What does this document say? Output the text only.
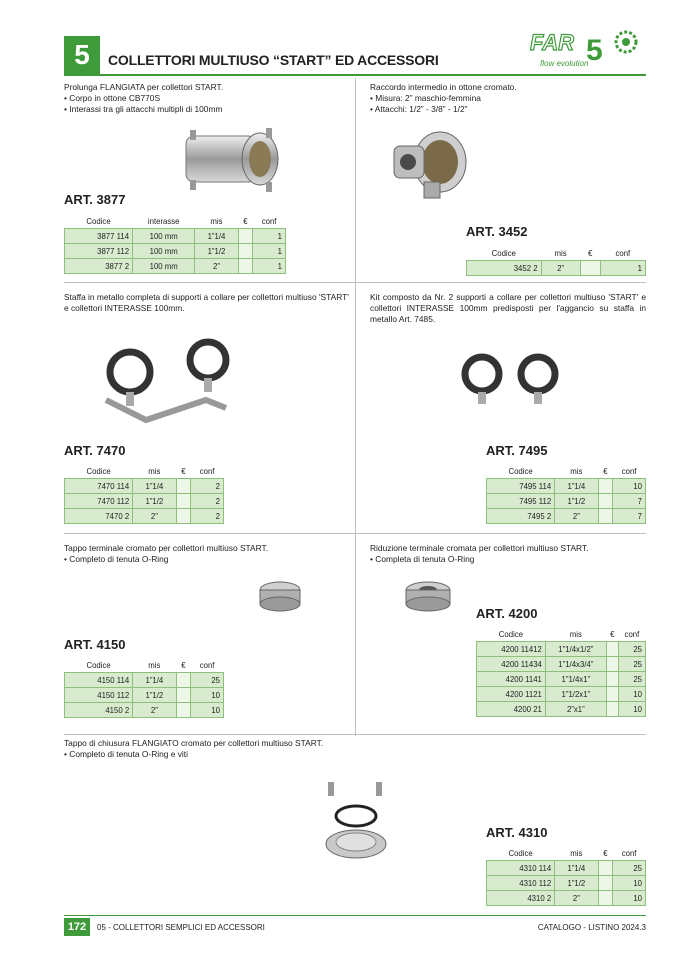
5	COLLETTORI MULTIUSO “START” ED ACCESSORI
FAR 5
flow evolution

Prolunga FLANGIATA per collettori START.

• Corpo in ottone CB770S
• Interassi tra gli attacchi multipli di 100mm
ART. 3877
Codice	interasse	mis	€	conf
3877 114	100 mm	1”1/4		1
3877 112	100 mm	1”1/2		1
3877 2	100 mm	2”		1

Raccordo intermedio in ottone cromato.

• Misura: 2” maschio-femmina
• Attacchi: 1/2” - 3/8” - 1/2”
ART. 3452
Codice	mis	€	conf
3452 2	2”		1
Staffa in metallo completa di supporti a collare per collettori multiuso 'START' e collettori INTERASSE 100mm.
ART. 7470
Codice	mis	€	conf
7470 114	1”1/4		2
7470 112	1”1/2		2
7470 2	2”		2
Kit composto da Nr. 2 supporti a collare per collettori multiuso 'START' e collettori INTERASSE 100mm predisposti per l'aggancio su staffa in metallo Art. 7485.
ART. 7495
Codice	mis	€	conf
7495 114	1”1/4		10
7495 112	1”1/2		7
7495 2	2”		7

Tappo terminale cromato per collettori multiuso START.

• Completo di tenuta O-Ring
ART. 4150
Codice	mis	€	conf
4150 114	1”1/4		25
4150 112	1”1/2		10
4150 2	2”		10

Riduzione terminale cromata per collettori multiuso START.

• Completa di tenuta O-Ring
ART. 4200
Codice	mis	€	conf
4200 11412	1”1/4x1/2”		25
4200 11434	1”1/4x3/4”		25
4200 1141	1”1/4x1”		25
4200 1121	1”1/2x1”		10
4200 21	2”x1”		10

Tappo di chiusura FLANGIATO cromato per collettori multiuso START.

• Completo di tenuta O-Ring e viti
ART. 4310
Codice	mis	€	conf
4310 114	1”1/4		25
4310 112	1”1/2		10
4310 2	2”		10
172	05 - COLLETTORI SEMPLICI ED ACCESSORI	CATALOGO - LISTINO 2024.3
